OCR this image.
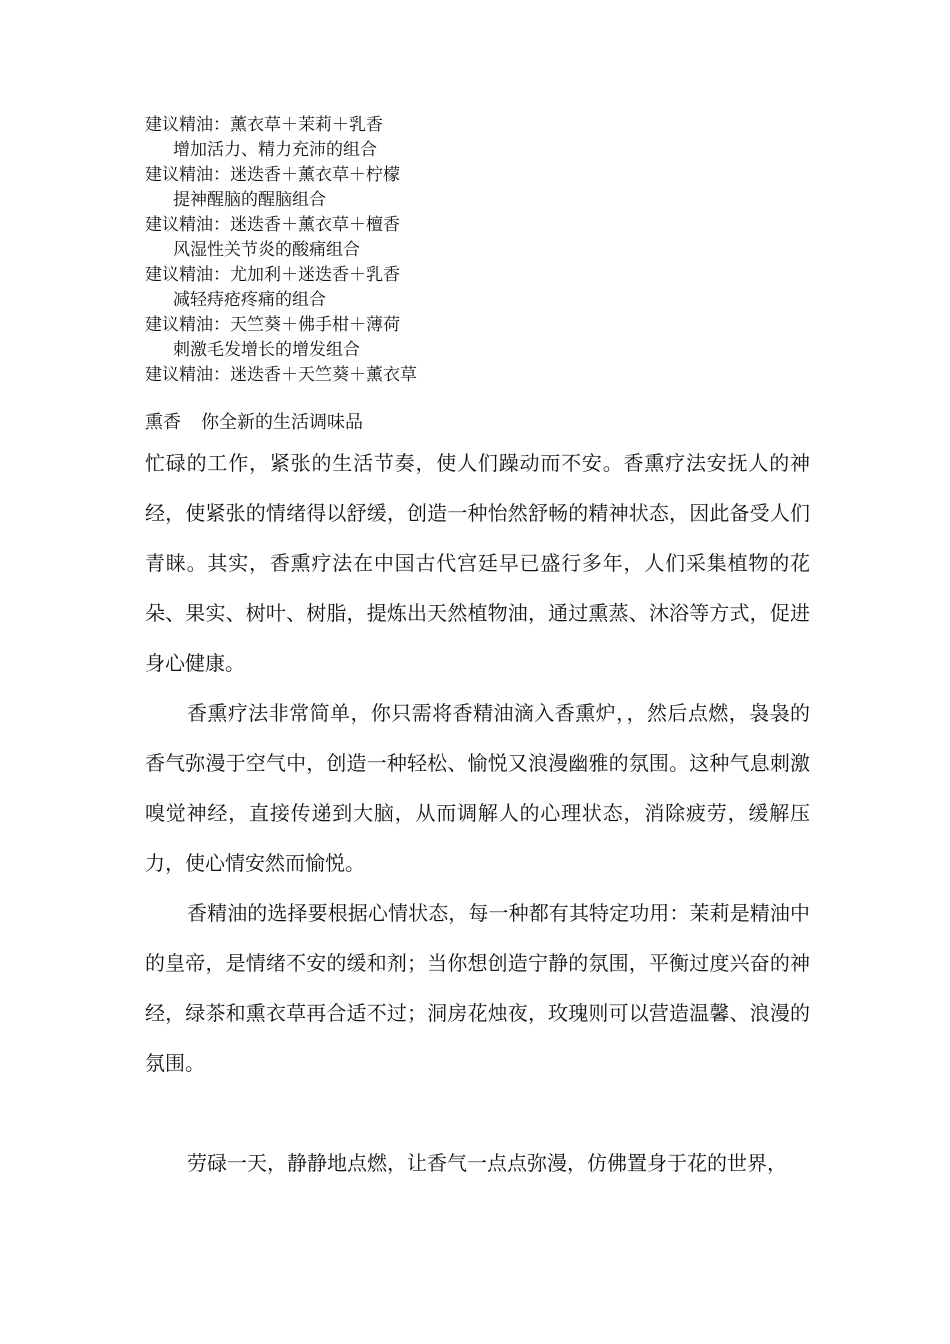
建议精油：薰衣草＋茉莉＋乳香
增加活力、精力充沛的组合
建议精油：迷迭香＋薰衣草＋柠檬
提神醒脑的醒脑组合
建议精油：迷迭香＋薰衣草＋檀香
风湿性关节炎的酸痛组合
建议精油：尤加利＋迷迭香＋乳香
减轻痔疮疼痛的组合
建议精油：天竺葵＋佛手柑＋薄荷
刺激毛发增长的增发组合
建议精油：迷迭香＋天竺葵＋薰衣草
熏香 你全新的生活调味品

忙碌的工作，紧张的生活节奏，使人们躁动而不安。香熏疗法安抚人的神经，使紧张的情绪得以舒缓，创造一种怡然舒畅的精神状态，因此备受人们青睐。其实，香熏疗法在中国古代宫廷早已盛行多年，人们采集植物的花朵、果实、树叶、树脂，提炼出天然植物油，通过熏蒸、沐浴等方式，促进身心健康。

香熏疗法非常简单，你只需将香精油滴入香熏炉，，然后点燃，袅袅的香气弥漫于空气中，创造一种轻松、愉悦又浪漫幽雅的氛围。这种气息刺激嗅觉神经，直接传递到大脑，从而调解人的心理状态，消除疲劳，缓解压力，使心情安然而愉悦。

香精油的选择要根据心情状态，每一种都有其特定功用：茉莉是精油中的皇帝，是情绪不安的缓和剂；当你想创造宁静的氛围，平衡过度兴奋的神经，绿茶和熏衣草再合适不过；洞房花烛夜，玫瑰则可以营造温馨、浪漫的氛围。

劳碌一天，静静地点燃，让香气一点点弥漫，仿佛置身于花的世界，
